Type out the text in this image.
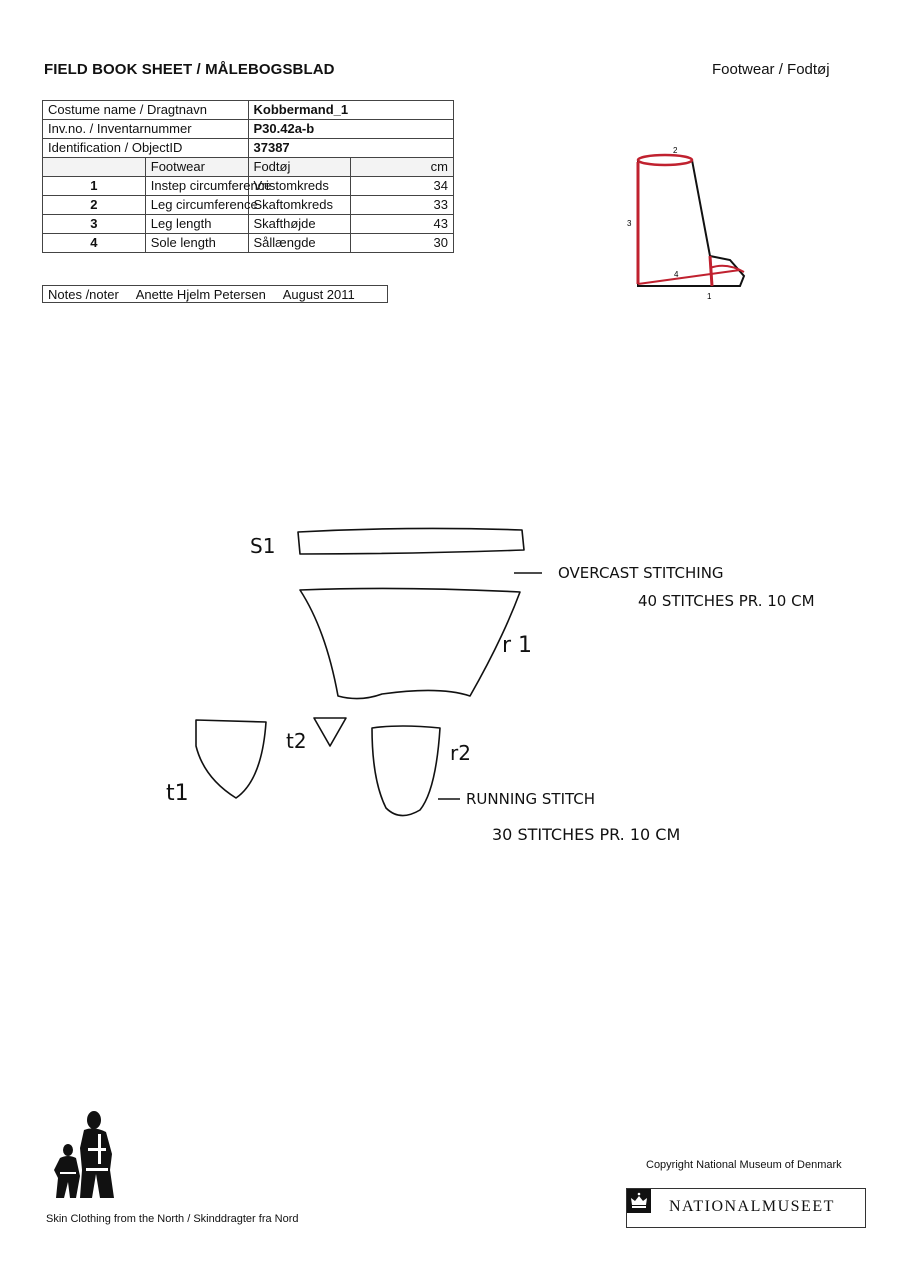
FIELD BOOK SHEET / MÅLEBOGSBLAD	Footwear / Fodtøj
Costume name / Dragtnavn		Kobbermand_1	
Inv.no. / Inventarnummer		P30.42a-b	
Identification / ObjectID		37387	
	Footwear	Fodtøj	cm
1	Instep circumference	Vristomkreds	34
2	Leg circumference	Skaftomkreds	33
3	Leg length	Skafthøjde	43
4	Sole length	Sållængde	30
Notes /noter Anette Hjelm Petersen August 2011
2
3
4
1
S1
r 1
r2
t1
t2
OVERCAST STITCHING
40 STITCHES PR. 10 CM
RUNNING STITCH
30 STITCHES PR. 10 CM
Skin Clothing from the North / Skinddragter fra Nord
Copyright National Museum of Denmark
NATIONALMUSEET
